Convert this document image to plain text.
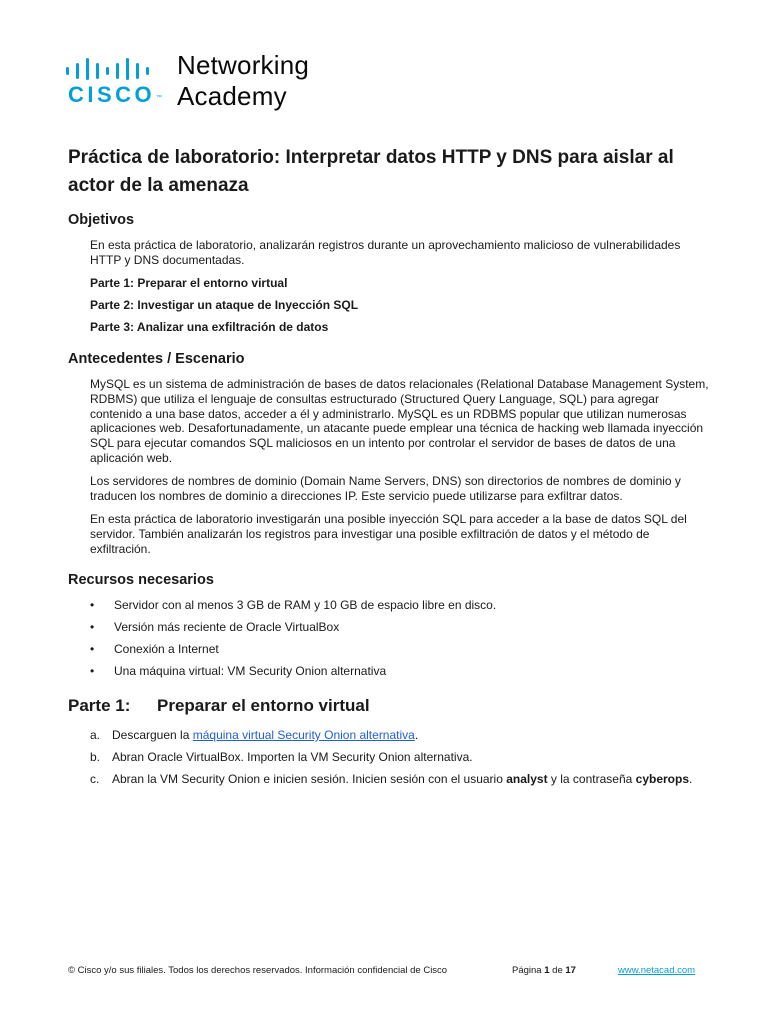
CISCO ™
Networking
Academy
Práctica de laboratorio: Interpretar datos HTTP y DNS para aislar al actor de la amenaza
Objetivos

En esta práctica de laboratorio, analizarán registros durante un aprovechamiento malicioso de vulnerabilidades HTTP y DNS documentadas.

Parte 1: Preparar el entorno virtual
Parte 2: Investigar un ataque de Inyección SQL
Parte 3: Analizar una exfiltración de datos
Antecedentes / Escenario

MySQL es un sistema de administración de bases de datos relacionales (Relational Database Management System, RDBMS) que utiliza el lenguaje de consultas estructurado (Structured Query Language, SQL) para agregar contenido a una base datos, acceder a él y administrarlo. MySQL es un RDBMS popular que utilizan numerosas aplicaciones web. Desafortunadamente, un atacante puede emplear una técnica de hacking web llamada inyección SQL para ejecutar comandos SQL maliciosos en un intento por controlar el servidor de bases de datos de una aplicación web.

Los servidores de nombres de dominio (Domain Name Servers, DNS) son directorios de nombres de dominio y traducen los nombres de dominio a direcciones IP. Este servicio puede utilizarse para exfiltrar datos.

En esta práctica de laboratorio investigarán una posible inyección SQL para acceder a la base de datos SQL del servidor. También analizarán los registros para investigar una posible exfiltración de datos y el método de exfiltración.

Recursos necesarios
• Servidor con al menos 3 GB de RAM y 10 GB de espacio libre en disco.
• Versión más reciente de Oracle VirtualBox
• Conexión a Internet
• Una máquina virtual: VM Security Onion alternativa
Parte 1: Preparar el entorno virtual
a. Descarguen la máquina virtual Security Onion alternativa.
b. Abran Oracle VirtualBox. Importen la VM Security Onion alternativa.
c. Abran la VM Security Onion e inicien sesión. Inicien sesión con el usuario analyst y la contraseña cyberops.
© Cisco y/o sus filiales. Todos los derechos reservados. Información confidencial de Cisco	Página 1 de 17	www.netacad.com
